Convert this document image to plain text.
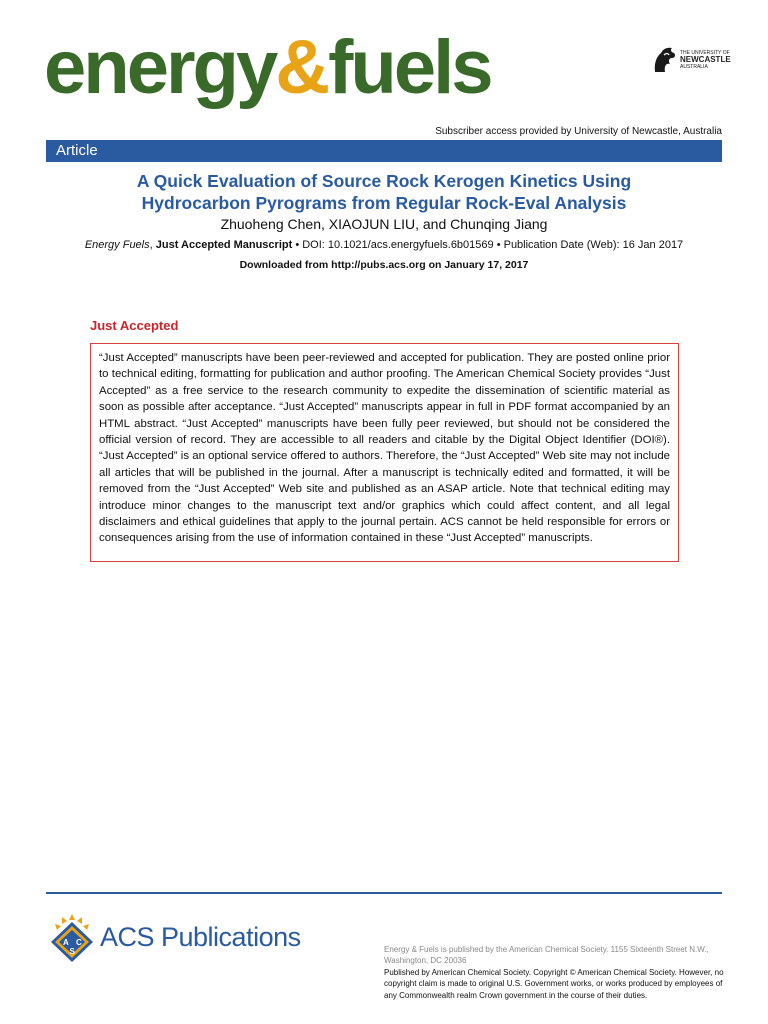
energy&fuels	THE UNIVERSITY OF
NEWCASTLE
AUSTRALIA
Subscriber access provided by University of Newcastle, Australia
Article
A Quick Evaluation of Source Rock Kerogen Kinetics Using
Hydrocarbon Pyrograms from Regular Rock-Eval Analysis
Zhuoheng Chen, XIAOJUN LIU, and Chunqing Jiang
Energy Fuels, Just Accepted Manuscript • DOI: 10.1021/acs.energyfuels.6b01569 • Publication Date (Web): 16 Jan 2017
Downloaded from http://pubs.acs.org on January 17, 2017
Just Accepted
“Just Accepted” manuscripts have been peer-reviewed and accepted for publication. They are posted online prior to technical editing, formatting for publication and author proofing. The American Chemical Society provides “Just Accepted” as a free service to the research community to expedite the dissemination of scientific material as soon as possible after acceptance. “Just Accepted” manuscripts appear in full in PDF format accompanied by an HTML abstract. “Just Accepted” manuscripts have been fully peer reviewed, but should not be considered the official version of record. They are accessible to all readers and citable by the Digital Object Identifier (DOI®). “Just Accepted” is an optional service offered to authors. Therefore, the “Just Accepted” Web site may not include all articles that will be published in the journal. After a manuscript is technically edited and formatted, it will be removed from the “Just Accepted” Web site and published as an ASAP article. Note that technical editing may introduce minor changes to the manuscript text and/or graphics which could affect content, and all legal disclaimers and ethical guidelines that apply to the journal pertain. ACS cannot be held responsible for errors or consequences arising from the use of information contained in these “Just Accepted” manuscripts.
A C
S ACS Publications	Energy & Fuels is published by the American Chemical Society. 1155 Sixteenth Street N.W., Washington, DC 20036
Published by American Chemical Society. Copyright © American Chemical Society. However, no copyright claim is made to original U.S. Government works, or works produced by employees of any Commonwealth realm Crown government in the course of their duties.
